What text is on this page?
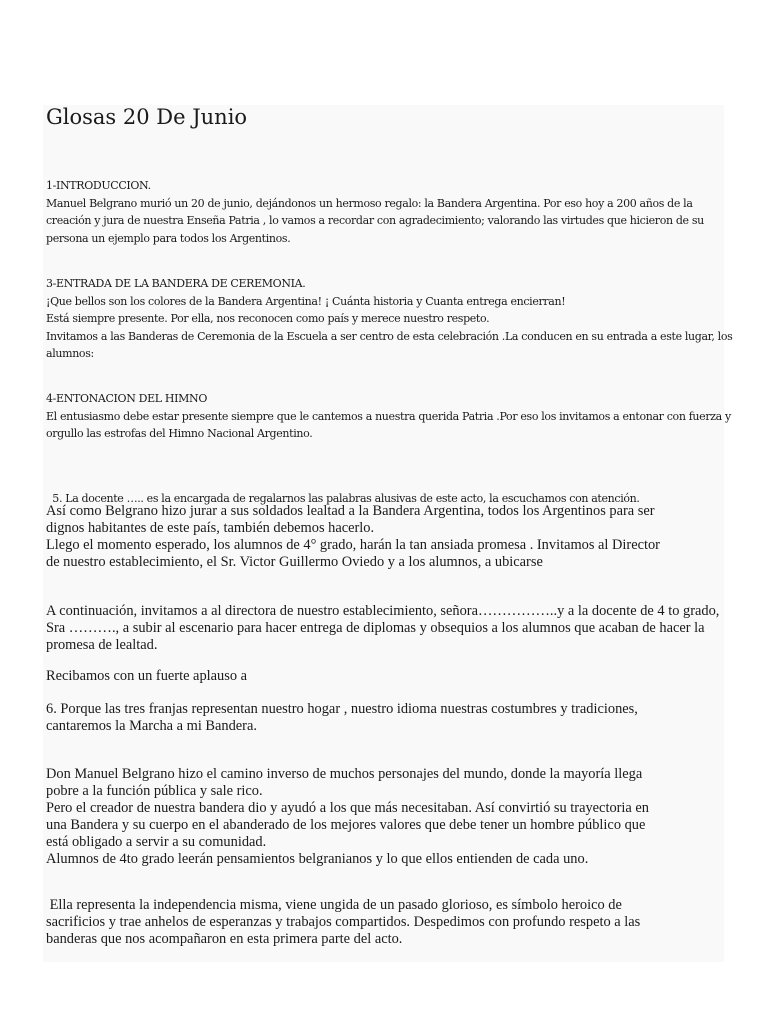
Glosas 20 De Junio
1-INTRODUCCION.
Manuel Belgrano murió un 20 de junio, dejándonos un hermoso regalo: la Bandera Argentina. Por eso hoy a 200 años de la
creación y jura de nuestra Enseña Patria , lo vamos a recordar con agradecimiento; valorando las virtudes que hicieron de su
persona un ejemplo para todos los Argentinos.
3-ENTRADA DE LA BANDERA DE CEREMONIA.
¡Que bellos son los colores de la Bandera Argentina! ¡ Cuánta historia y Cuanta entrega encierran!
Está siempre presente. Por ella, nos reconocen como país y merece nuestro respeto.
Invitamos a las Banderas de Ceremonia de la Escuela a ser centro de esta celebración .La conducen en su entrada a este lugar, los
alumnos:
4-ENTONACION DEL HIMNO
El entusiasmo debe estar presente siempre que le cantemos a nuestra querida Patria .Por eso los invitamos a entonar con fuerza y
orgullo las estrofas del Himno Nacional Argentino.

5. La docente ….. es la encargada de regalarnos las palabras alusivas de este acto, la escuchamos con atención.

Así como Belgrano hizo jurar a sus soldados lealtad a la Bandera Argentina, todos los Argentinos para ser
dignos habitantes de este país, también debemos hacerlo.
Llego el momento esperado, los alumnos de 4° grado, harán la tan ansiada promesa . Invitamos al Director
de nuestro establecimiento, el Sr. Victor Guillermo Oviedo y a los alumnos, a ubicarse
A continuación, invitamos a al directora de nuestro establecimiento, señora……………..y a la docente de 4 to grado,
Sra ………., a subir al escenario para hacer entrega de diplomas y obsequios a los alumnos que acaban de hacer la
promesa de lealtad.
Recibamos con un fuerte aplauso a
6. Porque las tres franjas representan nuestro hogar , nuestro idioma nuestras costumbres y tradiciones,
cantaremos la Marcha a mi Bandera.
Don Manuel Belgrano hizo el camino inverso de muchos personajes del mundo, donde la mayoría llega
pobre a la función pública y sale rico.
Pero el creador de nuestra bandera dio y ayudó a los que más necesitaban. Así convirtió su trayectoria en
una Bandera y su cuerpo en el abanderado de los mejores valores que debe tener un hombre público que
está obligado a servir a su comunidad.
Alumnos de 4to grado leerán pensamientos belgranianos y lo que ellos entienden de cada uno.
Ella representa la independencia misma, viene ungida de un pasado glorioso, es símbolo heroico de
sacrificios y trae anhelos de esperanzas y trabajos compartidos. Despedimos con profundo respeto a las
banderas que nos acompañaron en esta primera parte del acto.
